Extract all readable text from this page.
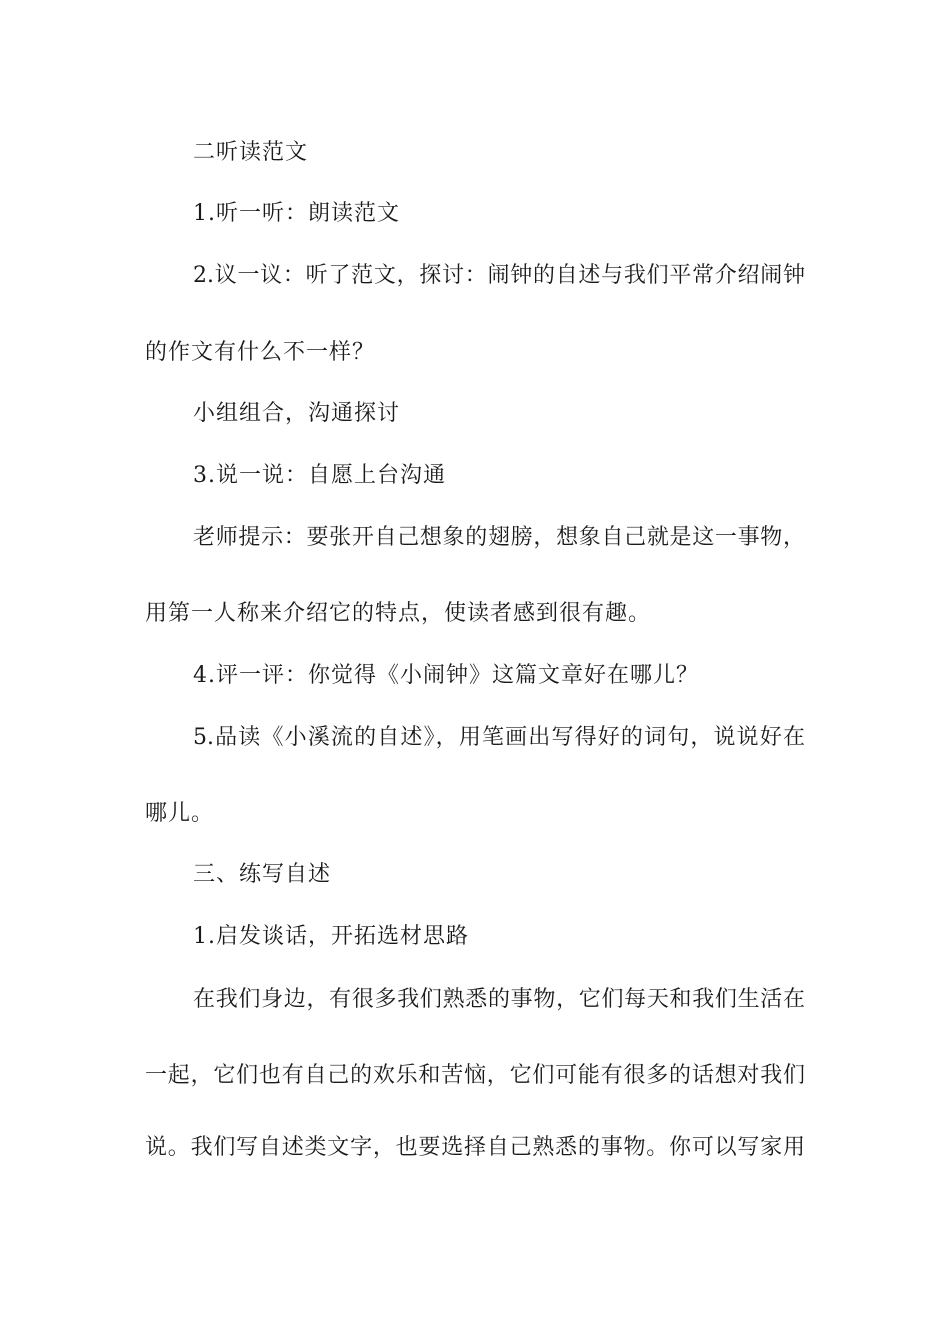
二听读范文
1.听一听：朗读范文
2.议一议：听了范文，探讨：闹钟的自述与我们平常介绍闹钟
的作文有什么不一样？
小组组合，沟通探讨
3.说一说：自愿上台沟通
老师提示：要张开自己想象的翅膀，想象自己就是这一事物，
用第一人称来介绍它的特点，使读者感到很有趣。
4.评一评：你觉得《小闹钟》这篇文章好在哪儿？
5.品读《小溪流的自述》，用笔画出写得好的词句，说说好在
哪儿。
三、练写自述
1.启发谈话，开拓选材思路
在我们身边，有很多我们熟悉的事物，它们每天和我们生活在
一起，它们也有自己的欢乐和苦恼，它们可能有很多的话想对我们
说。我们写自述类文字，也要选择自己熟悉的事物。你可以写家用
